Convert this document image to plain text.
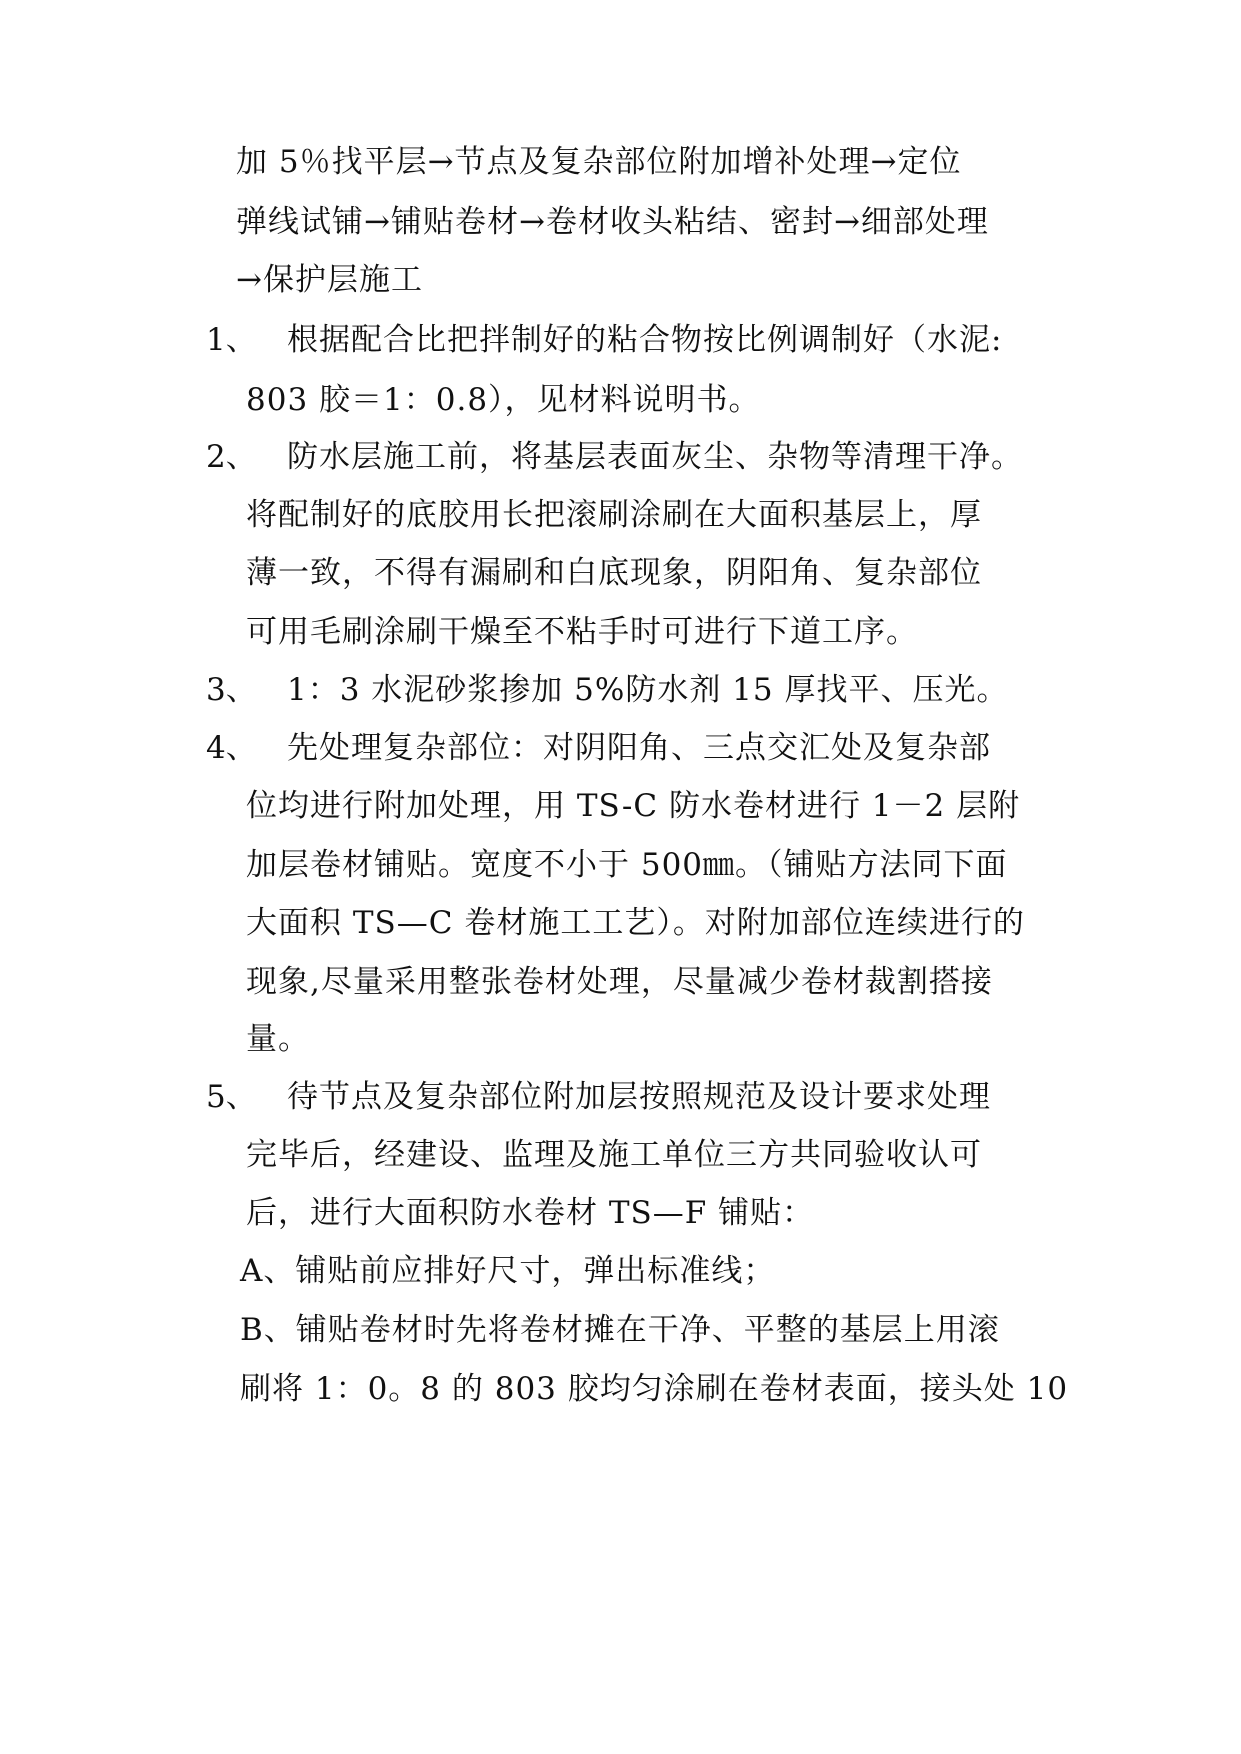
加 5％找平层→节点及复杂部位附加增补处理→定位
弹线试铺→铺贴卷材→卷材收头粘结、密封→细部处理
→保护层施工
1、 根据配合比把拌制好的粘合物按比例调制好（水泥:
803 胶＝1：0.8），见材料说明书。
2、 防水层施工前，将基层表面灰尘、杂物等清理干净。
将配制好的底胶用长把滚刷涂刷在大面积基层上，厚
薄一致，不得有漏刷和白底现象，阴阳角、复杂部位
可用毛刷涂刷干燥至不粘手时可进行下道工序。
3、 1：3 水泥砂浆掺加 5%防水剂 15 厚找平、压光。
4、 先处理复杂部位：对阴阳角、三点交汇处及复杂部
位均进行附加处理，用 TS-C 防水卷材进行 1－2 层附
加层卷材铺贴。宽度不小于 500㎜。（铺贴方法同下面
大面积 TS—C 卷材施工工艺）。对附加部位连续进行的
现象,尽量采用整张卷材处理，尽量减少卷材裁割搭接
量。
5、 待节点及复杂部位附加层按照规范及设计要求处理
完毕后，经建设、监理及施工单位三方共同验收认可
后，进行大面积防水卷材 TS—F 铺贴：
A、铺贴前应排好尺寸，弹出标准线；
B、铺贴卷材时先将卷材摊在干净、平整的基层上用滚
刷将 1：0。8 的 803 胶均匀涂刷在卷材表面，接头处 10
